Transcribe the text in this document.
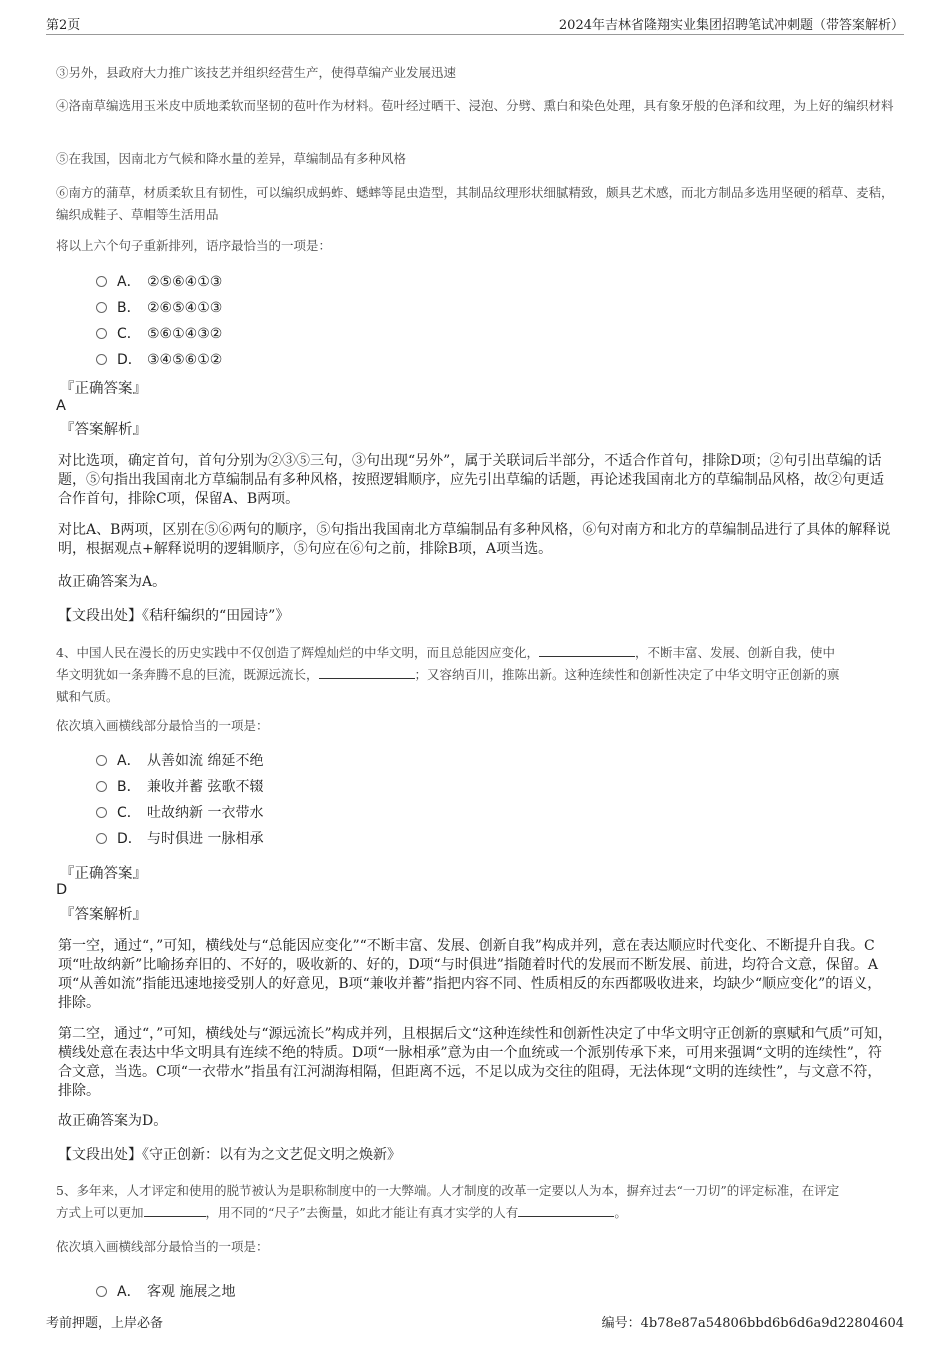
第2页	2024年吉林省隆翔实业集团招聘笔试冲刺题（带答案解析）
③另外，县政府大力推广该技艺并组织经营生产，使得草编产业发展迅速
④洛南草编选用玉米皮中质地柔软而坚韧的苞叶作为材料。苞叶经过晒干、浸泡、分劈、熏白和染色处理，具有象牙般的色泽和纹理，为上好的编织材料
⑤在我国，因南北方气候和降水量的差异，草编制品有多种风格
⑥南方的蒲草，材质柔软且有韧性，可以编织成蚂蚱、蟋蟀等昆虫造型，其制品纹理形状细腻精致，颇具艺术感，而北方制品多选用坚硬的稻草、麦秸，编织成鞋子、草帽等生活用品
将以上六个句子重新排列，语序最恰当的一项是：
A． ②⑤⑥④①③
B． ②⑥⑤④①③
C． ⑤⑥①④③②
D． ③④⑤⑥①②
『正确答案』
A
『答案解析』
对比选项，确定首句，首句分别为②③⑤三句，③句出现“另外”，属于关联词后半部分，不适合作首句，排除D项；②句引出草编的话题，⑤句指出我国南北方草编制品有多种风格，按照逻辑顺序，应先引出草编的话题，再论述我国南北方的草编制品风格，故②句更适合作首句，排除C项，保留A、B两项。
对比A、B两项，区别在⑤⑥两句的顺序，⑤句指出我国南北方草编制品有多种风格，⑥句对南方和北方的草编制品进行了具体的解释说明，根据观点+解释说明的逻辑顺序，⑤句应在⑥句之前，排除B项，A项当选。
故正确答案为A。
【文段出处】《秸秆编织的“田园诗”》
4、中国人民在漫长的历史实践中不仅创造了辉煌灿烂的中华文明，而且总能因应变化，	，不断丰富、发展、创新自我，使中
华文明犹如一条奔腾不息的巨流，既源远流长，	；又容纳百川，推陈出新。这种连续性和创新性决定了中华文明守正创新的禀
赋和气质。
依次填入画横线部分最恰当的一项是：
A． 从善如流 绵延不绝
B． 兼收并蓄 弦歌不辍
C． 吐故纳新 一衣带水
D． 与时俱进 一脉相承
『正确答案』
D
『答案解析』
第一空，通过“，”可知，横线处与“总能因应变化”“不断丰富、发展、创新自我”构成并列，意在表达顺应时代变化、不断提升自我。C项“吐故纳新”比喻扬弃旧的、不好的，吸收新的、好的，D项“与时俱进”指随着时代的发展而不断发展、前进，均符合文意，保留。A项“从善如流”指能迅速地接受别人的好意见，B项“兼收并蓄”指把内容不同、性质相反的东西都吸收进来，均缺少“顺应变化”的语义，排除。
第二空，通过“，”可知，横线处与“源远流长”构成并列，且根据后文“这种连续性和创新性决定了中华文明守正创新的禀赋和气质”可知，横线处意在表达中华文明具有连续不绝的特质。D项“一脉相承”意为由一个血统或一个派别传承下来，可用来强调“文明的连续性”，符合文意，当选。C项“一衣带水”指虽有江河湖海相隔，但距离不远，不足以成为交往的阻碍，无法体现“文明的连续性”，与文意不符，排除。
故正确答案为D。
【文段出处】《守正创新：以有为之文艺促文明之焕新》
5、多年来，人才评定和使用的脱节被认为是职称制度中的一大弊端。人才制度的改革一定要以人为本，摒弃过去“一刀切”的评定标准，在评定
方式上可以更加	，用不同的“尺子”去衡量，如此才能让有真才实学的人有	。
依次填入画横线部分最恰当的一项是：
A． 客观 施展之地
考前押题，上岸必备	编号：4b78e87a54806bbd6b6d6a9d22804604
